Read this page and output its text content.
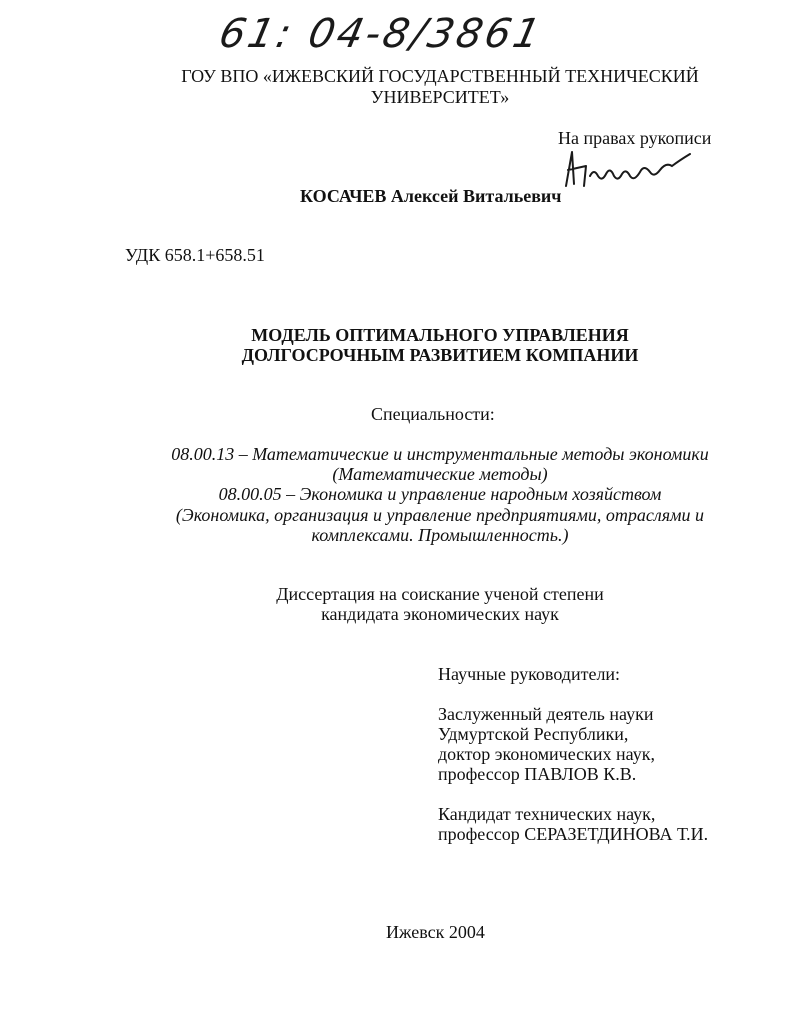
61: 04-8/3861
ГОУ ВПО «ИЖЕВСКИЙ ГОСУДАРСТВЕННЫЙ ТЕХНИЧЕСКИЙ
УНИВЕРСИТЕТ»
На правах рукописи
КОСАЧЕВ Алексей Витальевич
УДК 658.1+658.51
МОДЕЛЬ ОПТИМАЛЬНОГО УПРАВЛЕНИЯ
ДОЛГОСРОЧНЫМ РАЗВИТИЕМ КОМПАНИИ
Специальности:
08.00.13 – Математические и инструментальные методы экономики
(Математические методы)
08.00.05 – Экономика и управление народным хозяйством
(Экономика, организация и управление предприятиями, отраслями и
комплексами. Промышленность.)
Диссертация на соискание ученой степени
кандидата экономических наук
Научные руководители:
Заслуженный деятель науки
Удмуртской Республики,
доктор экономических наук,
профессор ПАВЛОВ К.В.
Кандидат технических наук,
профессор СЕРАЗЕТДИНОВА Т.И.
Ижевск 2004
